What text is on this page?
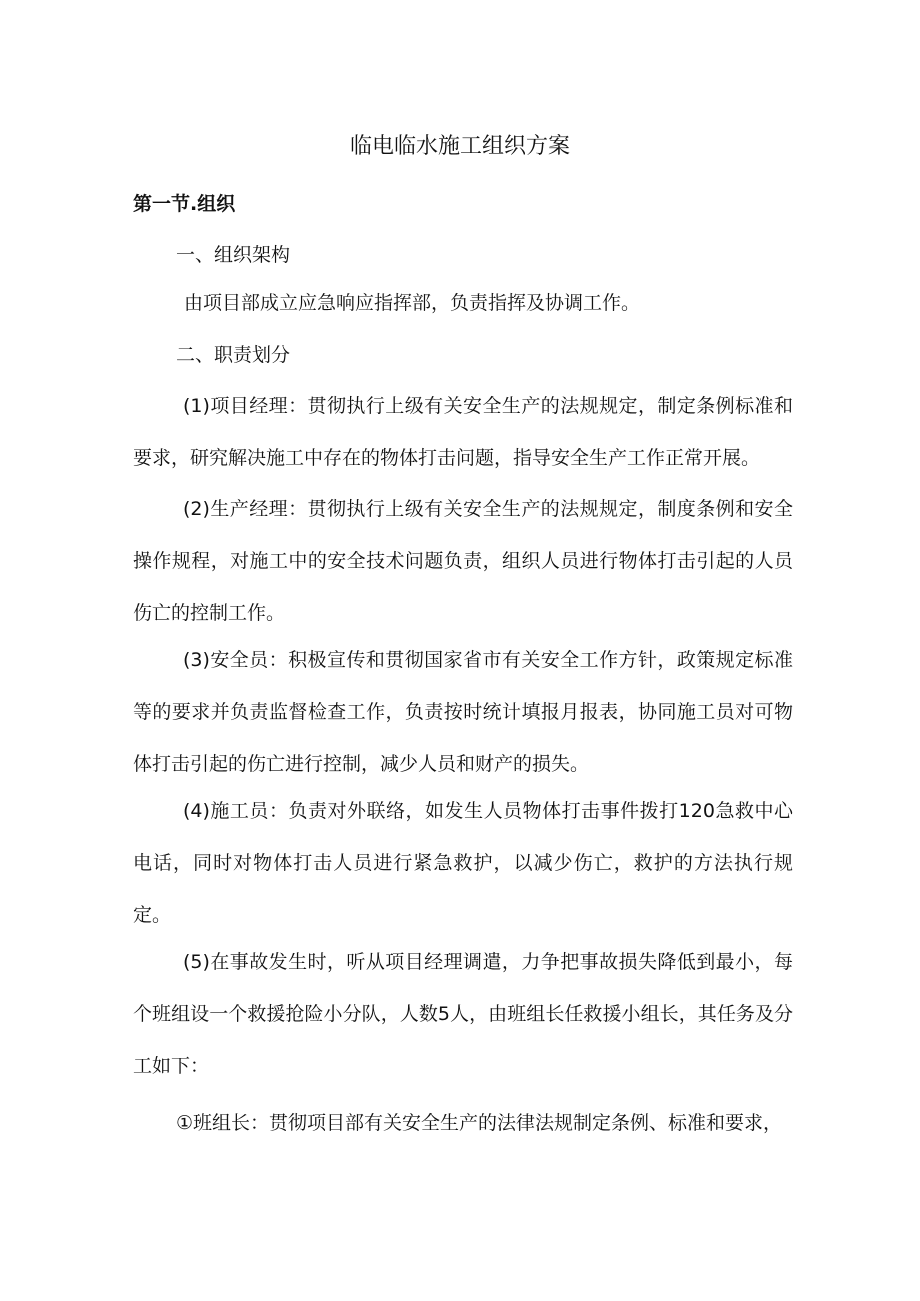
临电临水施工组织方案
第一节.组织

一、组织架构

由项目部成立应急响应指挥部，负责指挥及协调工作。

二、职责划分

(1)项目经理：贯彻执行上级有关安全生产的法规规定，制定条例标准和要求，研究解决施工中存在的物体打击问题，指导安全生产工作正常开展。

(2)生产经理：贯彻执行上级有关安全生产的法规规定，制度条例和安全操作规程，对施工中的安全技术问题负责，组织人员进行物体打击引起的人员伤亡的控制工作。

(3)安全员：积极宣传和贯彻国家省市有关安全工作方针，政策规定标准等的要求并负责监督检查工作，负责按时统计填报月报表，协同施工员对可物体打击引起的伤亡进行控制，减少人员和财产的损失。

(4)施工员：负责对外联络，如发生人员物体打击事件拨打120急救中心电话，同时对物体打击人员进行紧急救护，以减少伤亡，救护的方法执行规定。

(5)在事故发生时，听从项目经理调遣，力争把事故损失降低到最小，每个班组设一个救援抢险小分队，人数5人，由班组长任救援小组长，其任务及分工如下：

①班组长：贯彻项目部有关安全生产的法律法规制定条例、标准和要求，
